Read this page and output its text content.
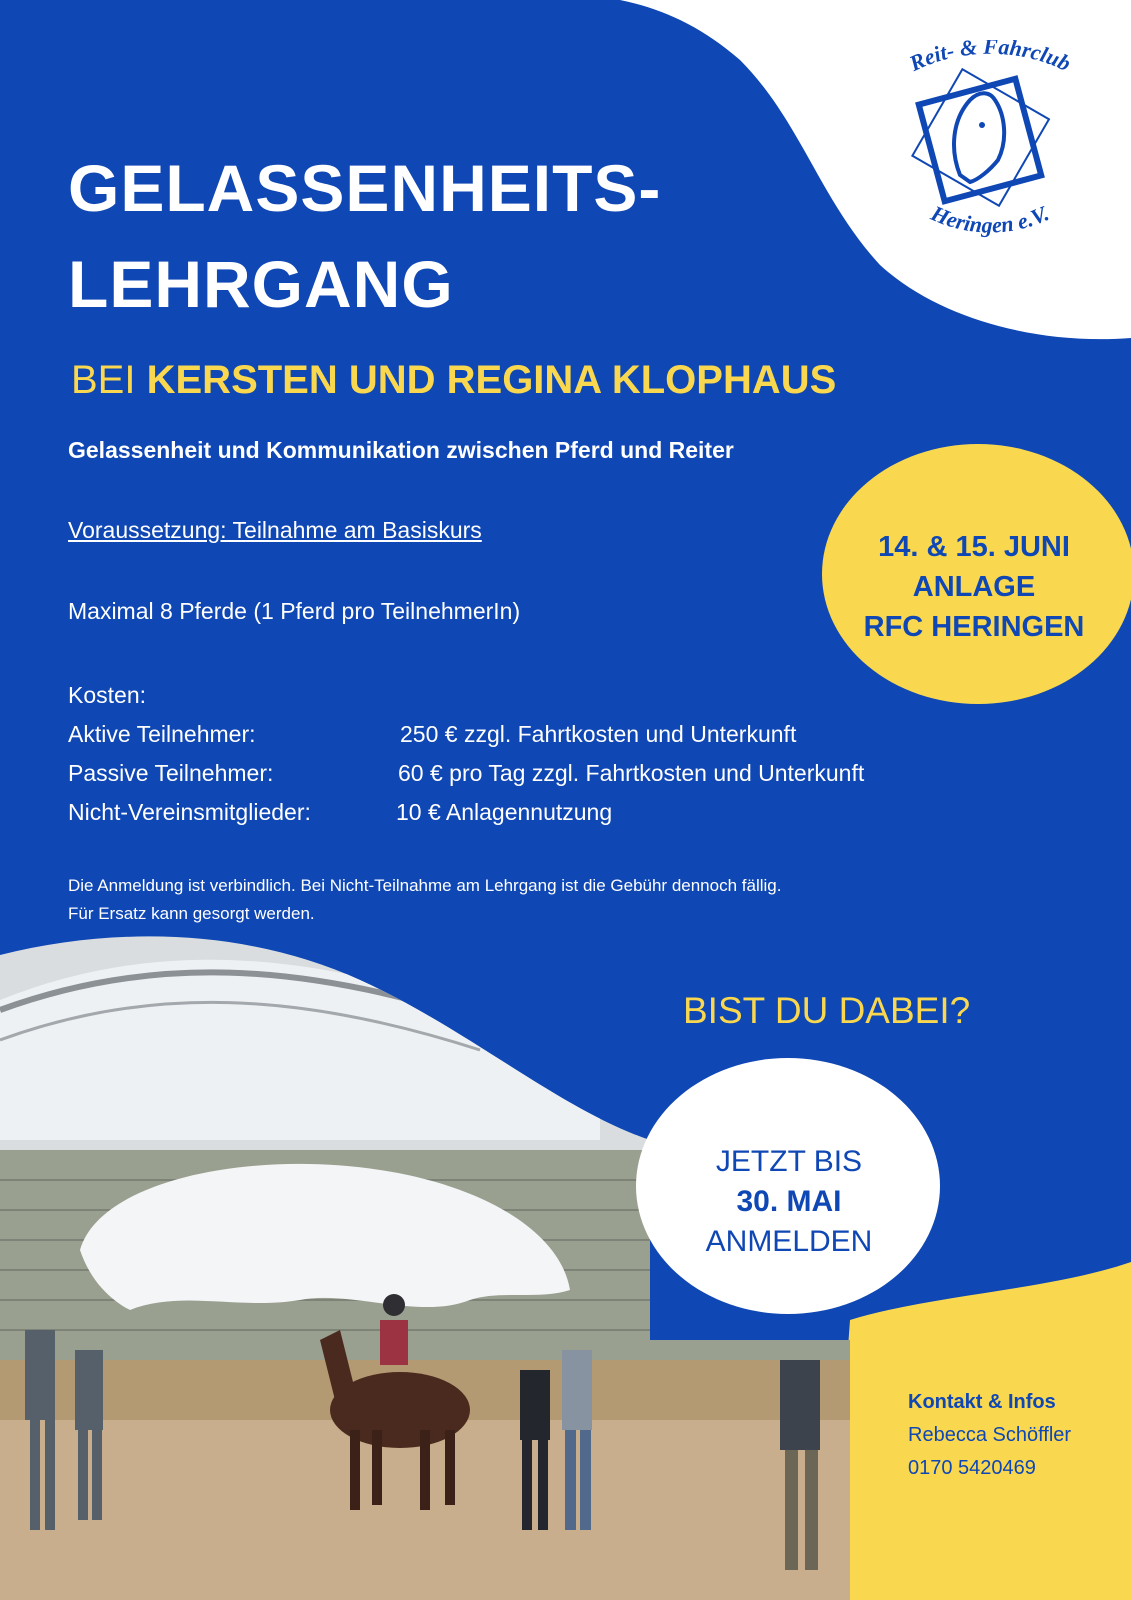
Reit- & Fahrclub
Heringen e.V.
GELASSENHEITS-
LEHRGANG
BEI KERSTEN UND REGINA KLOPHAUS
Gelassenheit und Kommunikation zwischen Pferd und Reiter
Voraussetzung: Teilnahme am Basiskurs
Maximal 8 Pferde (1 Pferd pro TeilnehmerIn)
Kosten:
Aktive Teilnehmer:	250 € zzgl. Fahrtkosten und Unterkunft
Passive Teilnehmer:	60 € pro Tag zzgl. Fahrtkosten und Unterkunft
Nicht-Vereinsmitglieder:	10 € Anlagennutzung
Die Anmeldung ist verbindlich. Bei Nicht-Teilnahme am Lehrgang ist die Gebühr dennoch fällig.
Für Ersatz kann gesorgt werden.
14. & 15. JUNI
ANLAGE
RFC HERINGEN
BIST DU DABEI?
JETZT BIS
30. MAI
ANMELDEN
Kontakt & Infos
Rebecca Schöffler
0170 5420469
